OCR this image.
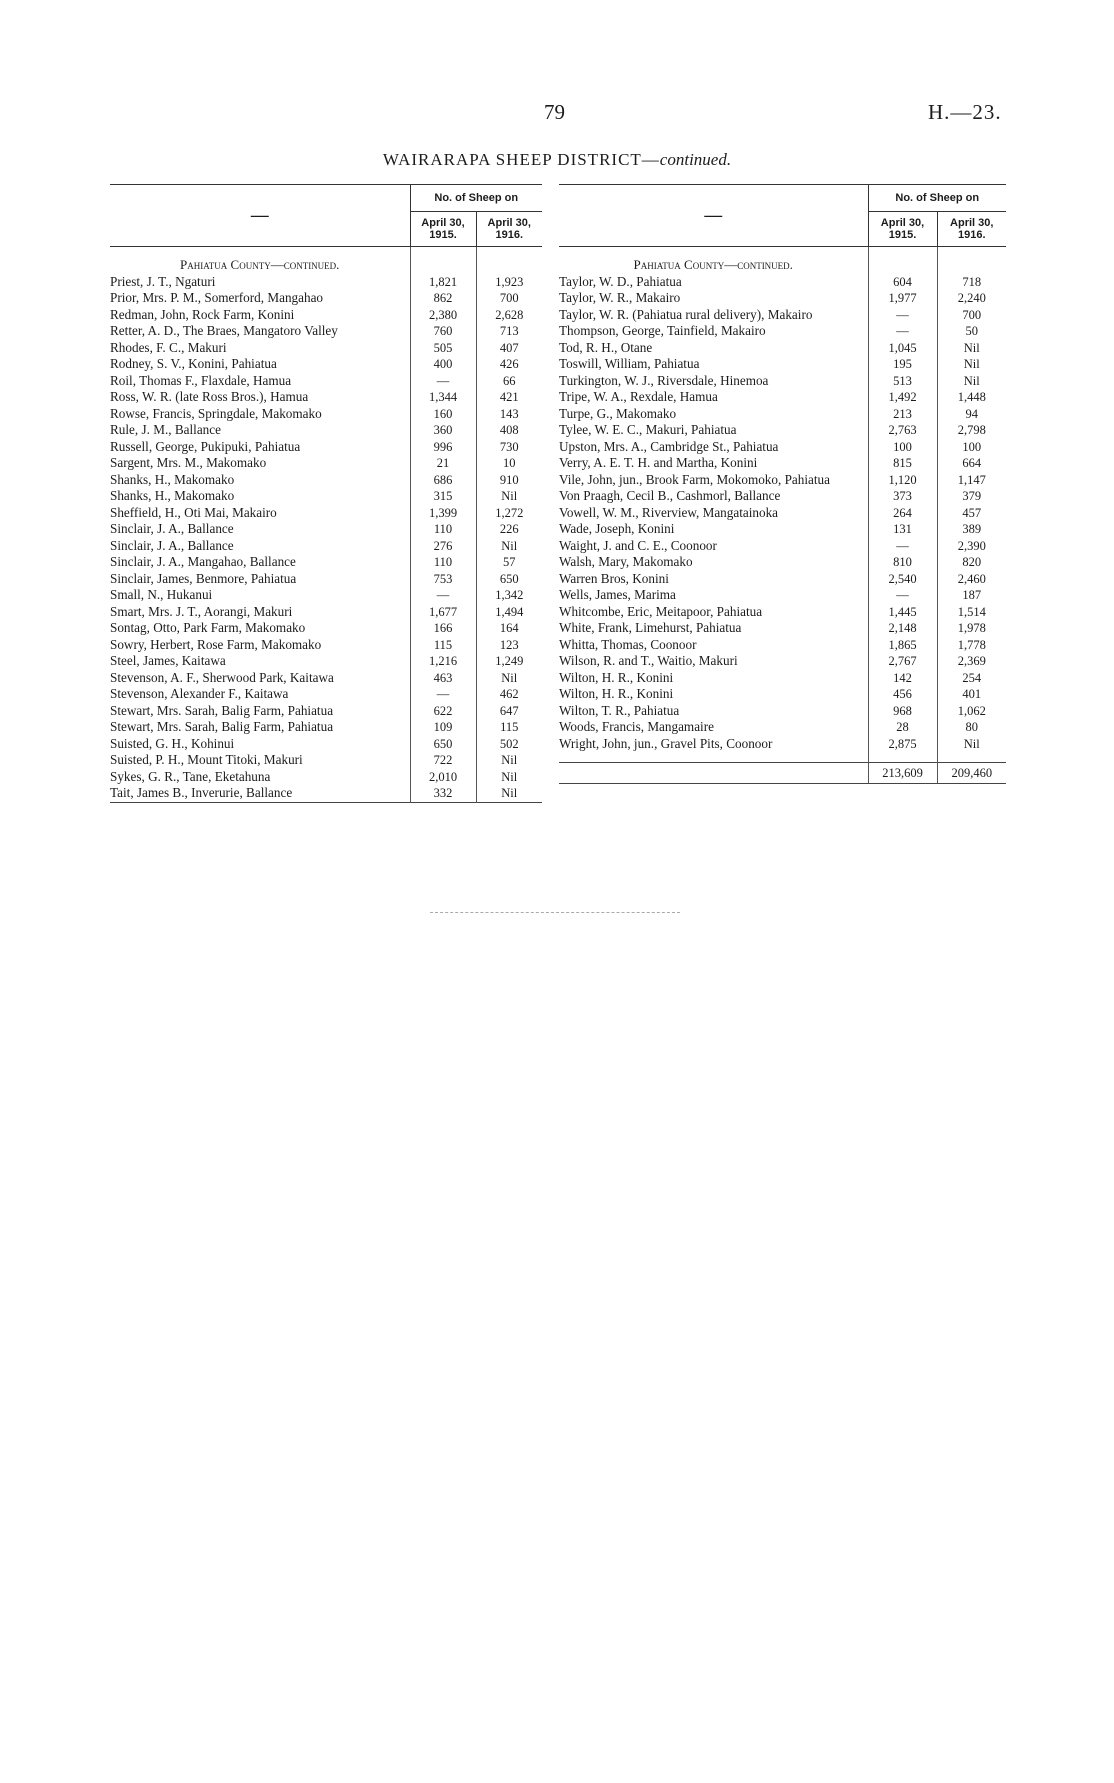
79	H.—23.
WAIRARAPA SHEEP DISTRICT—continued.
—	No. of Sheep on	
	April 30, 1915.	April 30, 1916.

Pahiatua County—continued.		
Priest, J. T., Ngaturi	1,821	1,923
Prior, Mrs. P. M., Somerford, Mangahao	862	700
Redman, John, Rock Farm, Konini	2,380	2,628
Retter, A. D., The Braes, Mangatoro Valley	760	713
Rhodes, F. C., Makuri	505	407
Rodney, S. V., Konini, Pahiatua	400	426
Roil, Thomas F., Flaxdale, Hamua	—	66
Ross, W. R. (late Ross Bros.), Hamua	1,344	421
Rowse, Francis, Springdale, Makomako	160	143
Rule, J. M., Ballance	360	408
Russell, George, Pukipuki, Pahiatua	996	730
Sargent, Mrs. M., Makomako	21	10
Shanks, H., Makomako	686	910
Shanks, H., Makomako	315	Nil
Sheffield, H., Oti Mai, Makairo	1,399	1,272
Sinclair, J. A., Ballance	110	226
Sinclair, J. A., Ballance	276	Nil
Sinclair, J. A., Mangahao, Ballance	110	57
Sinclair, James, Benmore, Pahiatua	753	650
Small, N., Hukanui	—	1,342
Smart, Mrs. J. T., Aorangi, Makuri	1,677	1,494
Sontag, Otto, Park Farm, Makomako	166	164
Sowry, Herbert, Rose Farm, Makomako	115	123
Steel, James, Kaitawa	1,216	1,249
Stevenson, A. F., Sherwood Park, Kaitawa	463	Nil
Stevenson, Alexander F., Kaitawa	—	462
Stewart, Mrs. Sarah, Balig Farm, Pahiatua	622	647
Stewart, Mrs. Sarah, Balig Farm, Pahiatua	109	115
Suisted, G. H., Kohinui	650	502
Suisted, P. H., Mount Titoki, Makuri	722	Nil
Sykes, G. R., Tane, Eketahuna	2,010	Nil
Tait, James B., Inverurie, Ballance	332	Nil

—	No. of Sheep on	
	April 30, 1915.	April 30, 1916.

Pahiatua County—continued.		
Taylor, W. D., Pahiatua	604	718
Taylor, W. R., Makairo	1,977	2,240
Taylor, W. R. (Pahiatua rural delivery), Makairo	—	700
Thompson, George, Tainfield, Makairo	—	50
Tod, R. H., Otane	1,045	Nil
Toswill, William, Pahiatua	195	Nil
Turkington, W. J., Riversdale, Hinemoa	513	Nil
Tripe, W. A., Rexdale, Hamua	1,492	1,448
Turpe, G., Makomako	213	94
Tylee, W. E. C., Makuri, Pahiatua	2,763	2,798
Upston, Mrs. A., Cambridge St., Pahiatua	100	100
Verry, A. E. T. H. and Martha, Konini	815	664
Vile, John, jun., Brook Farm, Mokomoko, Pahiatua	1,120	1,147
Von Praagh, Cecil B., Cashmorl, Ballance	373	379
Vowell, W. M., Riverview, Mangatainoka	264	457
Wade, Joseph, Konini	131	389
Waight, J. and C. E., Coonoor	—	2,390
Walsh, Mary, Makomako	810	820
Warren Bros, Konini	2,540	2,460
Wells, James, Marima	—	187
Whitcombe, Eric, Meitapoor, Pahiatua	1,445	1,514
White, Frank, Limehurst, Pahiatua	2,148	1,978
Whitta, Thomas, Coonoor	1,865	1,778
Wilson, R. and T., Waitio, Makuri	2,767	2,369
Wilton, H. R., Konini	142	254
Wilton, H. R., Konini	456	401
Wilton, T. R., Pahiatua	968	1,062
Woods, Francis, Mangamaire	28	80
Wright, John, jun., Gravel Pits, Coonoor	2,875	Nil

	213,609	209,460
